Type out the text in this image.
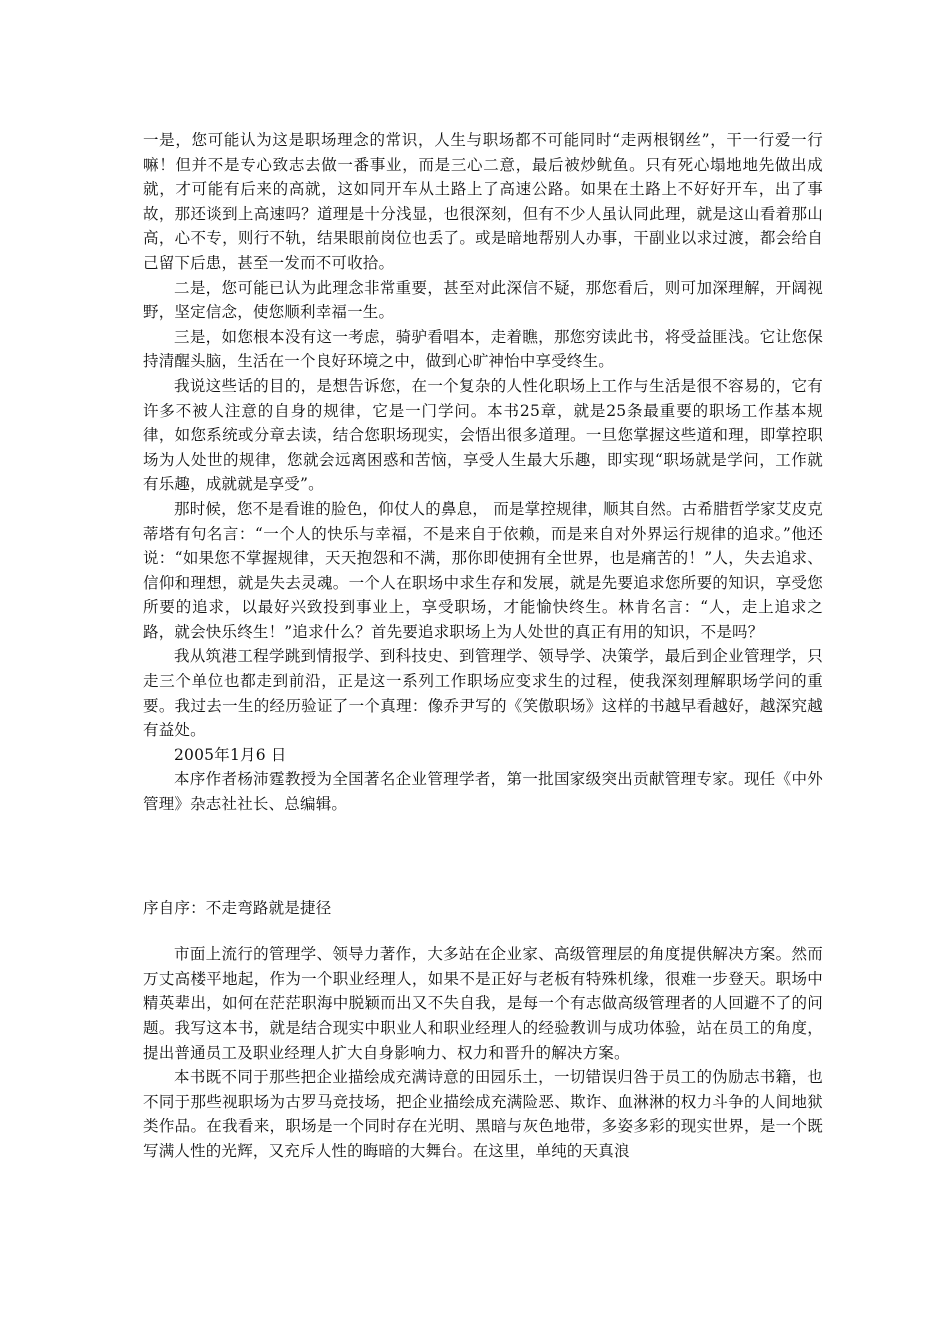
一是，您可能认为这是职场理念的常识，人生与职场都不可能同时“走两根钢丝”，干一行爱一行嘛！但并不是专心致志去做一番事业，而是三心二意，最后被炒鱿鱼。只有死心塌地地先做出成就，才可能有后来的高就，这如同开车从土路上了高速公路。如果在土路上不好好开车，出了事故，那还谈到上高速吗？道理是十分浅显，也很深刻，但有不少人虽认同此理，就是这山看着那山高，心不专，则行不轨，结果眼前岗位也丢了。或是暗地帮别人办事，干副业以求过渡，都会给自己留下后患，甚至一发而不可收拾。

二是，您可能已认为此理念非常重要，甚至对此深信不疑，那您看后，则可加深理解，开阔视野，坚定信念，使您顺利幸福一生。

三是，如您根本没有这一考虑，骑驴看唱本，走着瞧，那您穷读此书，将受益匪浅。它让您保持清醒头脑，生活在一个良好环境之中，做到心旷神怡中享受终生。

我说这些话的目的，是想告诉您，在一个复杂的人性化职场上工作与生活是很不容易的，它有许多不被人注意的自身的规律，它是一门学问。本书25章，就是25条最重要的职场工作基本规律，如您系统或分章去读，结合您职场现实，会悟出很多道理。一旦您掌握这些道和理，即掌控职场为人处世的规律，您就会远离困惑和苦恼，享受人生最大乐趣，即实现“职场就是学问，工作就有乐趣，成就就是享受”。

那时候，您不是看谁的脸色，仰仗人的鼻息， 而是掌控规律，顺其自然。古希腊哲学家艾皮克蒂塔有句名言：“一个人的快乐与幸福，不是来自于依赖，而是来自对外界运行规律的追求。”他还说：“如果您不掌握规律，天天抱怨和不满，那你即使拥有全世界，也是痛苦的！”人，失去追求、信仰和理想，就是失去灵魂。一个人在职场中求生存和发展，就是先要追求您所要的知识，享受您所要的追求，以最好兴致投到事业上，享受职场，才能愉快终生。林肯名言：“人，走上追求之路，就会快乐终生！”追求什么？首先要追求职场上为人处世的真正有用的知识，不是吗？

我从筑港工程学跳到情报学、到科技史、到管理学、领导学、决策学，最后到企业管理学，只走三个单位也都走到前沿，正是这一系列工作职场应变求生的过程，使我深刻理解职场学问的重要。我过去一生的经历验证了一个真理：像乔尹写的《笑傲职场》这样的书越早看越好，越深究越有益处。

2005年1月6 日

本序作者杨沛霆教授为全国著名企业管理学者，第一批国家级突出贡献管理专家。现任《中外管理》杂志社社长、总编辑。

序自序：不走弯路就是捷径

市面上流行的管理学、领导力著作，大多站在企业家、高级管理层的角度提供解决方案。然而万丈高楼平地起，作为一个职业经理人，如果不是正好与老板有特殊机缘，很难一步登天。职场中精英辈出，如何在茫茫职海中脱颖而出又不失自我，是每一个有志做高级管理者的人回避不了的问题。我写这本书，就是结合现实中职业人和职业经理人的经验教训与成功体验，站在员工的角度，提出普通员工及职业经理人扩大自身影响力、权力和晋升的解决方案。

本书既不同于那些把企业描绘成充满诗意的田园乐土，一切错误归咎于员工的伪励志书籍，也不同于那些视职场为古罗马竞技场，把企业描绘成充满险恶、欺诈、血淋淋的权力斗争的人间地狱类作品。在我看来，职场是一个同时存在光明、黑暗与灰色地带，多姿多彩的现实世界，是一个既写满人性的光辉，又充斥人性的晦暗的大舞台。在这里，单纯的天真浪
